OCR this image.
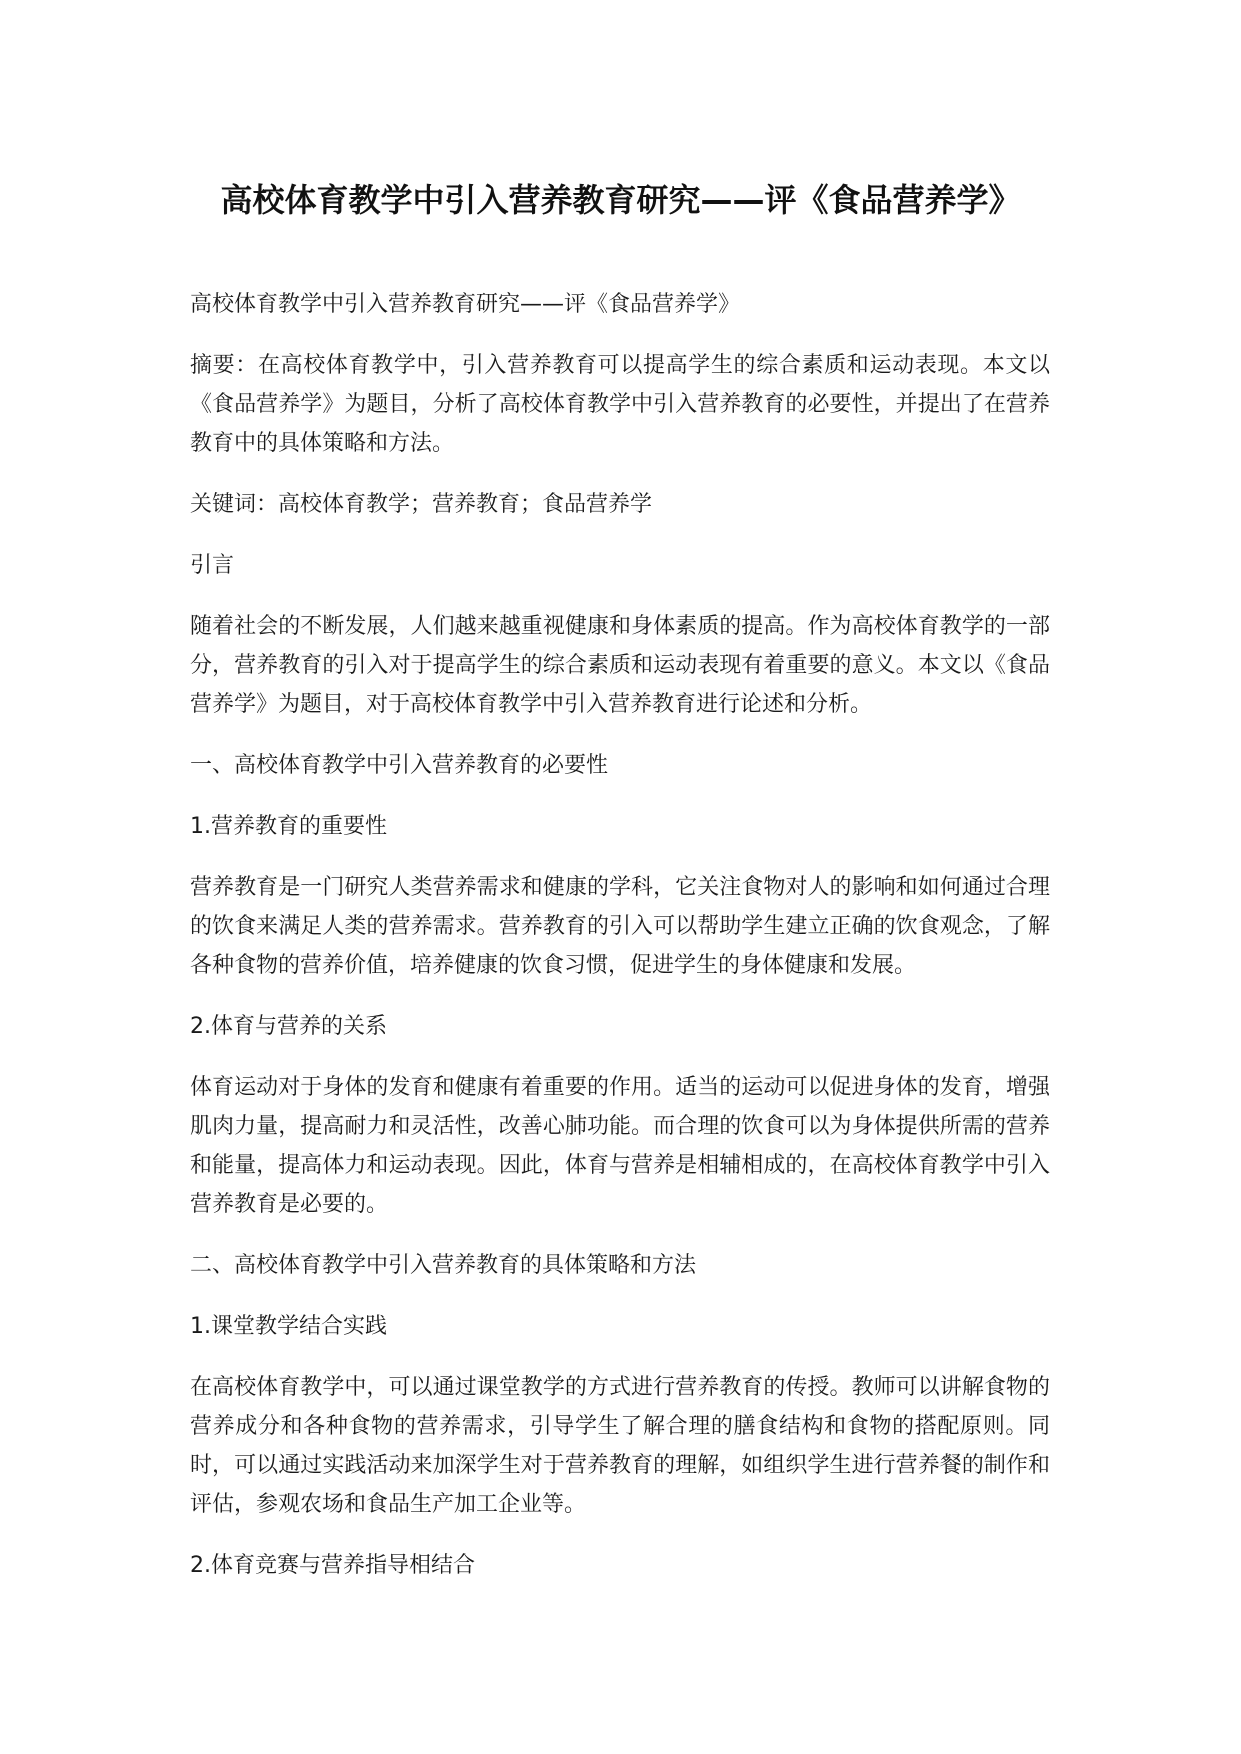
高校体育教学中引入营养教育研究——评《食品营养学》

高校体育教学中引入营养教育研究——评《食品营养学》

摘要：在高校体育教学中，引入营养教育可以提高学生的综合素质和运动表现。本文以《食品营养学》为题目，分析了高校体育教学中引入营养教育的必要性，并提出了在营养教育中的具体策略和方法。

关键词：高校体育教学；营养教育；食品营养学

引言

随着社会的不断发展，人们越来越重视健康和身体素质的提高。作为高校体育教学的一部分，营养教育的引入对于提高学生的综合素质和运动表现有着重要的意义。本文以《食品营养学》为题目，对于高校体育教学中引入营养教育进行论述和分析。

一、高校体育教学中引入营养教育的必要性

1.营养教育的重要性

营养教育是一门研究人类营养需求和健康的学科，它关注食物对人的影响和如何通过合理的饮食来满足人类的营养需求。营养教育的引入可以帮助学生建立正确的饮食观念，了解各种食物的营养价值，培养健康的饮食习惯，促进学生的身体健康和发展。

2.体育与营养的关系

体育运动对于身体的发育和健康有着重要的作用。适当的运动可以促进身体的发育，增强肌肉力量，提高耐力和灵活性，改善心肺功能。而合理的饮食可以为身体提供所需的营养和能量，提高体力和运动表现。因此，体育与营养是相辅相成的，在高校体育教学中引入营养教育是必要的。

二、高校体育教学中引入营养教育的具体策略和方法

1.课堂教学结合实践

在高校体育教学中，可以通过课堂教学的方式进行营养教育的传授。教师可以讲解食物的营养成分和各种食物的营养需求，引导学生了解合理的膳食结构和食物的搭配原则。同时，可以通过实践活动来加深学生对于营养教育的理解，如组织学生进行营养餐的制作和评估，参观农场和食品生产加工企业等。

2.体育竞赛与营养指导相结合
